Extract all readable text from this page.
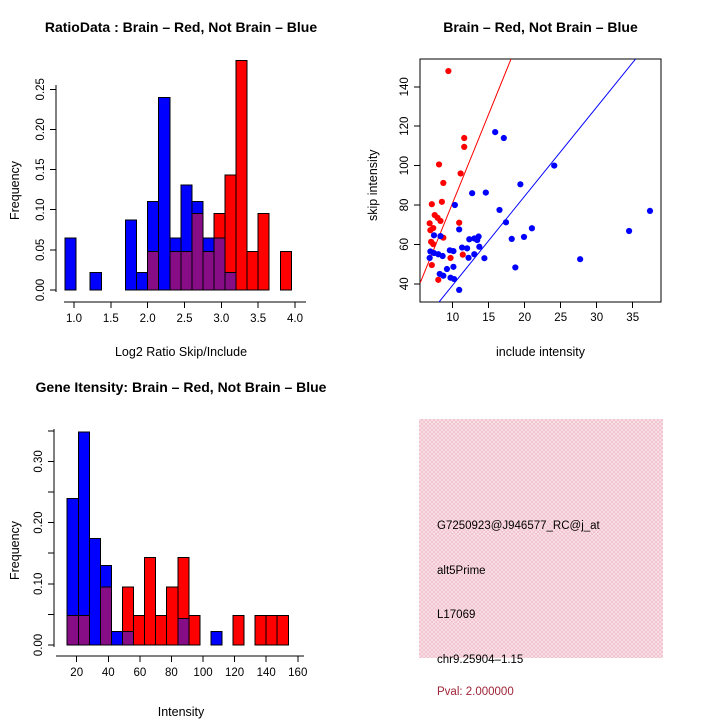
RatioData : Brain – Red, Not Brain – Blue	Brain – Red, Not Brain – Blue
Gene Itensity: Brain – Red, Not Brain – Blue
1.0 1.5 2.0 2.5 3.0 3.5 4.0
0.00
0.05
0.10
0.15
0.20
0.25
10 15 20 25 30 35
40
60
80
100
120
140
20 40 60 80 100 120 140 160
0.00
0.10
0.20
0.30
Log2 Ratio Skip/Include
Frequency
include intensity
skip intensity
Intensity
Frequency	G7250923@J946577_RC@j_at

alt5Prime

L17069

chr9.25904–1.15

Pval: 2.000000
